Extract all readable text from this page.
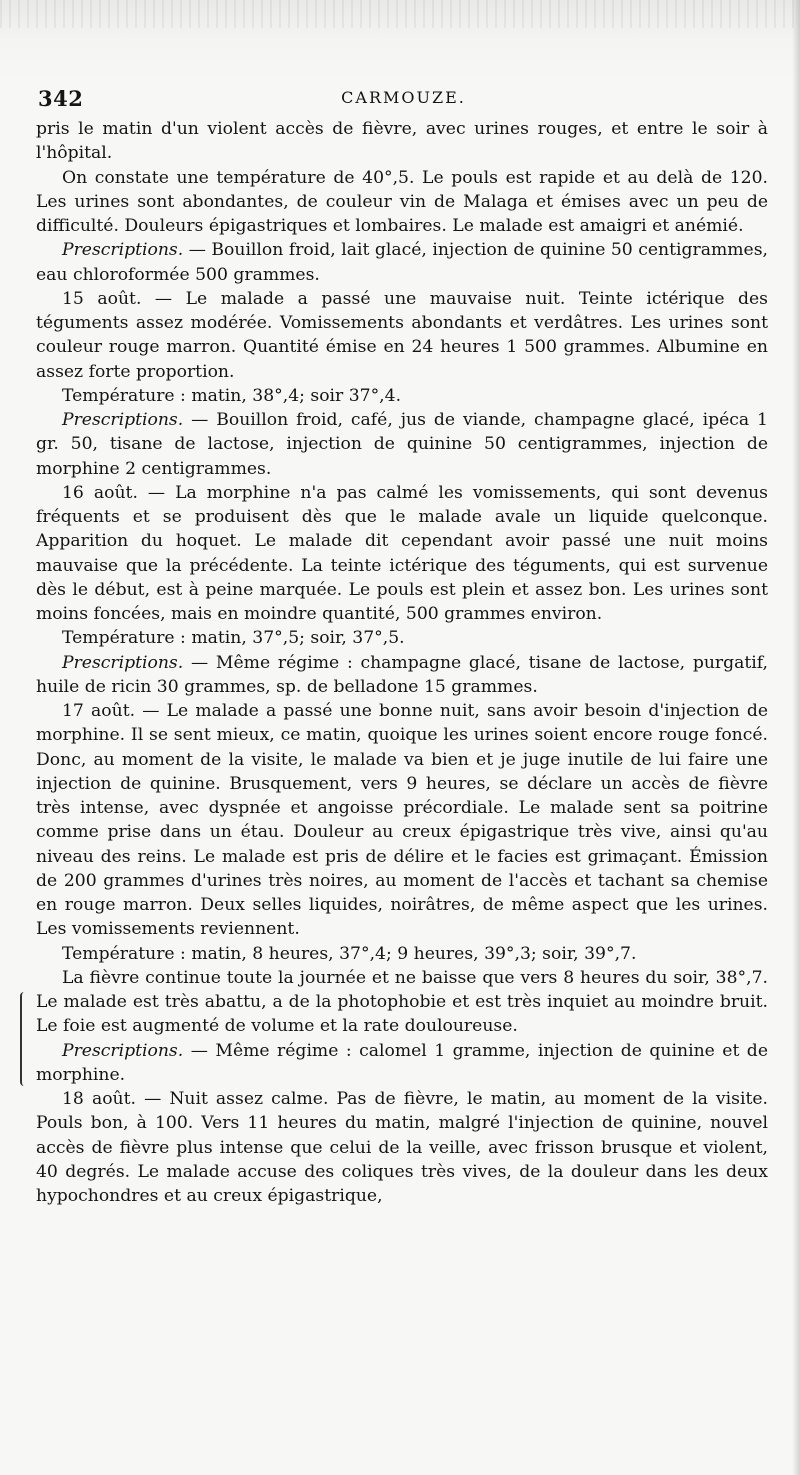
342	CARMOUZE.

pris le matin d'un violent accès de fièvre, avec urines rouges, et entre le soir à l'hôpital.

On constate une température de 40°,5. Le pouls est rapide et au delà de 120. Les urines sont abondantes, de couleur vin de Malaga et émises avec un peu de difficulté. Douleurs épigastriques et lombaires. Le malade est amaigri et anémié.

Prescriptions. — Bouillon froid, lait glacé, injection de quinine 50 centigrammes, eau chloroformée 500 grammes.

15 août. — Le malade a passé une mauvaise nuit. Teinte ictérique des téguments assez modérée. Vomissements abondants et verdâtres. Les urines sont couleur rouge marron. Quantité émise en 24 heures 1 500 grammes. Albumine en assez forte proportion.

Température : matin, 38°,4; soir 37°,4.

Prescriptions. — Bouillon froid, café, jus de viande, champagne glacé, ipéca 1 gr. 50, tisane de lactose, injection de quinine 50 centigrammes, injection de morphine 2 centigrammes.

16 août. — La morphine n'a pas calmé les vomissements, qui sont devenus fréquents et se produisent dès que le malade avale un liquide quelconque. Apparition du hoquet. Le malade dit cependant avoir passé une nuit moins mauvaise que la précédente. La teinte ictérique des téguments, qui est survenue dès le début, est à peine marquée. Le pouls est plein et assez bon. Les urines sont moins foncées, mais en moindre quantité, 500 grammes environ.

Température : matin, 37°,5; soir, 37°,5.

Prescriptions. — Même régime : champagne glacé, tisane de lactose, purgatif, huile de ricin 30 grammes, sp. de belladone 15 grammes.

17 août. — Le malade a passé une bonne nuit, sans avoir besoin d'injection de morphine. Il se sent mieux, ce matin, quoique les urines soient encore rouge foncé. Donc, au moment de la visite, le malade va bien et je juge inutile de lui faire une injection de quinine. Brusquement, vers 9 heures, se déclare un accès de fièvre très intense, avec dyspnée et angoisse précordiale. Le malade sent sa poitrine comme prise dans un étau. Douleur au creux épigastrique très vive, ainsi qu'au niveau des reins. Le malade est pris de délire et le facies est grimaçant. Émission de 200 grammes d'urines très noires, au moment de l'accès et tachant sa chemise en rouge marron. Deux selles liquides, noirâtres, de même aspect que les urines. Les vomissements reviennent.

Température : matin, 8 heures, 37°,4; 9 heures, 39°,3; soir, 39°,7.

La fièvre continue toute la journée et ne baisse que vers 8 heures du soir, 38°,7. Le malade est très abattu, a de la photophobie et est très inquiet au moindre bruit. Le foie est augmenté de volume et la rate douloureuse.

Prescriptions. — Même régime : calomel 1 gramme, injection de quinine et de morphine.

18 août. — Nuit assez calme. Pas de fièvre, le matin, au moment de la visite. Pouls bon, à 100. Vers 11 heures du matin, malgré l'injection de quinine, nouvel accès de fièvre plus intense que celui de la veille, avec frisson brusque et violent, 40 degrés. Le malade accuse des coliques très vives, de la douleur dans les deux hypochondres et au creux épigastrique,
